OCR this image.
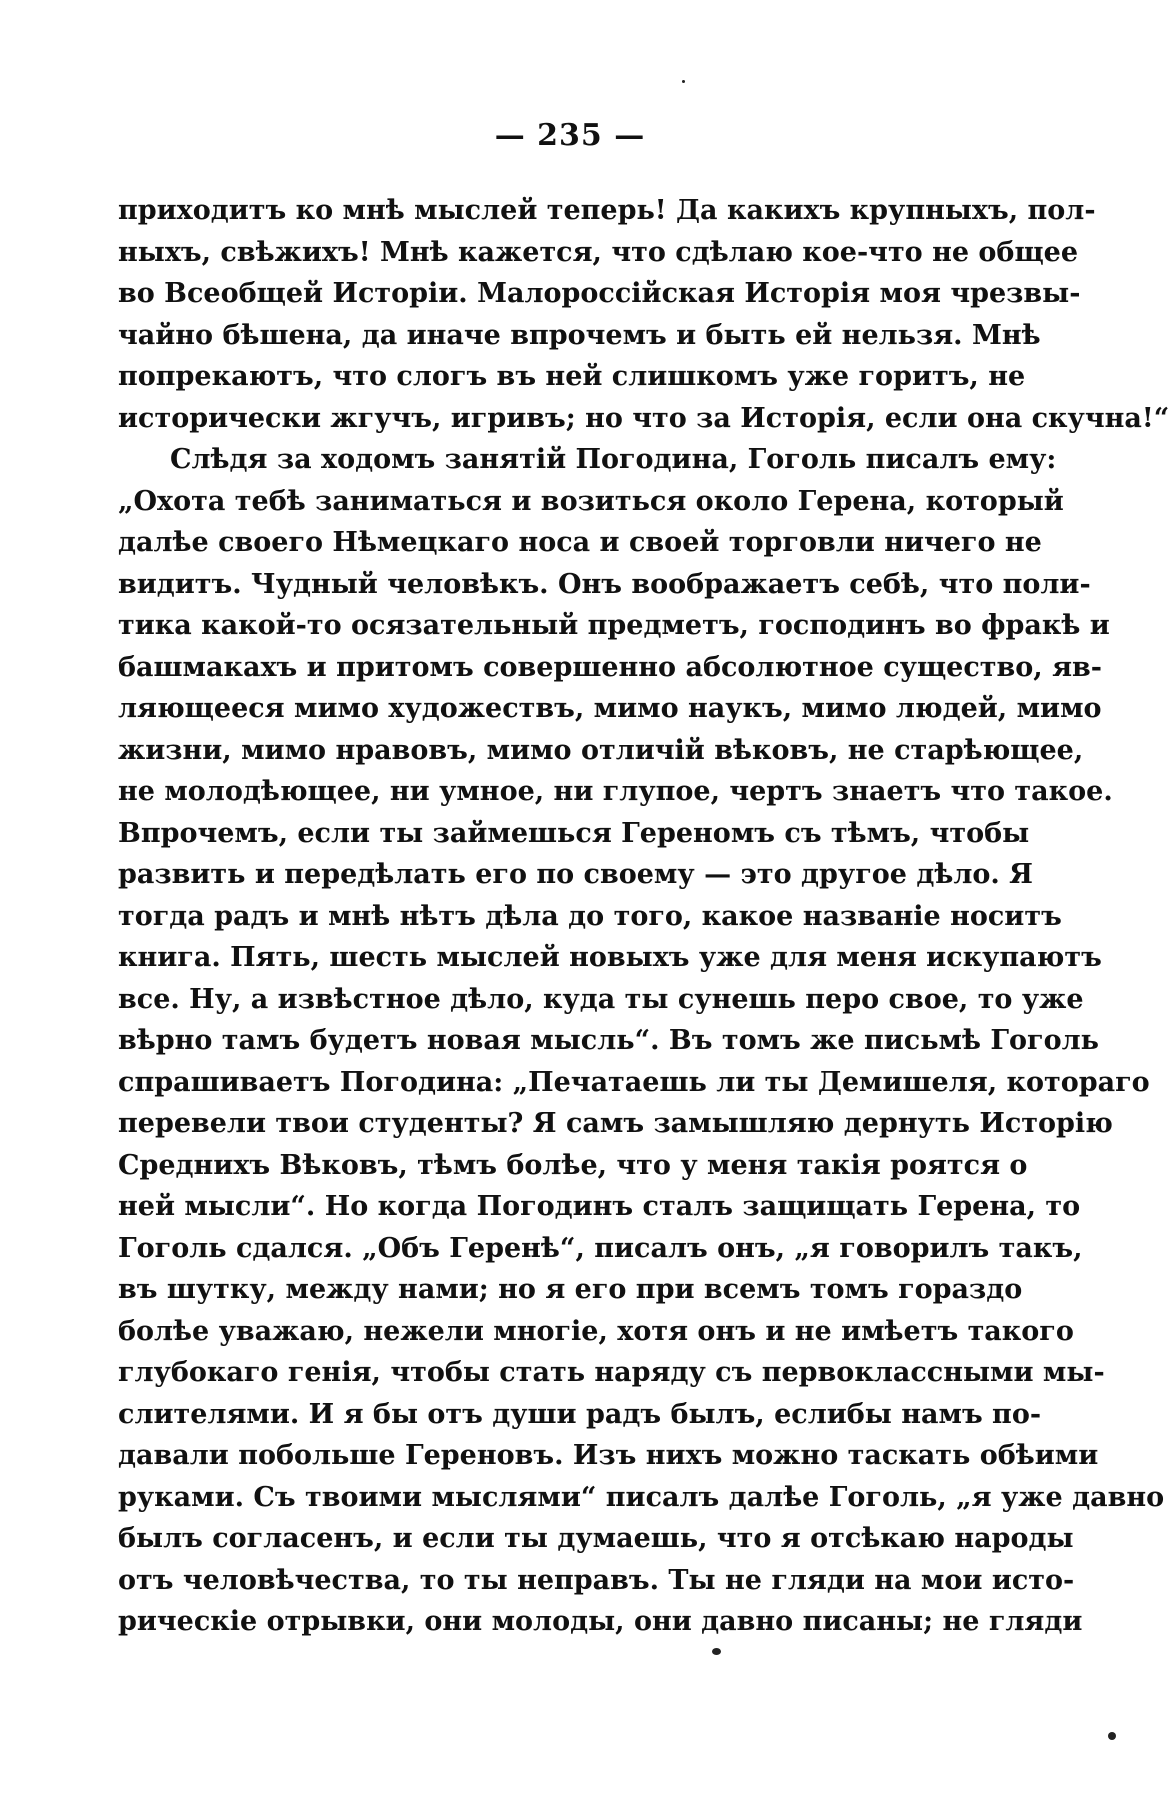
— 235 —
приходитъ ко мнѣ мыслей теперь! Да какихъ крупныхъ, пол-
ныхъ, свѣжихъ! Мнѣ кажется, что сдѣлаю кое-что не общее
во Всеобщей Исторіи. Малороссійская Исторія моя чрезвы-
чайно бѣшена, да иначе впрочемъ и быть ей нельзя. Мнѣ
попрекаютъ, что слогъ въ ней слишкомъ уже горитъ, не
исторически жгучъ, игривъ; но что за Исторія, если она скучна!“
Слѣдя за ходомъ занятій Погодина, Гоголь писалъ ему:
„Охота тебѣ заниматься и возиться около Герена, который
далѣе своего Нѣмецкаго носа и своей торговли ничего не
видитъ. Чудный человѣкъ. Онъ воображаетъ себѣ, что поли-
тика какой-то осязательный предметъ, господинъ во фракѣ и
башмакахъ и притомъ совершенно абсолютное существо, яв-
ляющееся мимо художествъ, мимо наукъ, мимо людей, мимо
жизни, мимо нравовъ, мимо отличій вѣковъ, не старѣющее,
не молодѣющее, ни умное, ни глупое, чертъ знаетъ что такое.
Впрочемъ, если ты займешься Гереномъ съ тѣмъ, чтобы
развить и передѣлать его по своему — это другое дѣло. Я
тогда радъ и мнѣ нѣтъ дѣла до того, какое названіе носитъ
книга. Пять, шесть мыслей новыхъ уже для меня искупаютъ
все. Ну, а извѣстное дѣло, куда ты сунешь перо свое, то уже
вѣрно тамъ будетъ новая мысль“. Въ томъ же письмѣ Гоголь
спрашиваетъ Погодина: „Печатаешь ли ты Демишеля, котораго
перевели твои студенты? Я самъ замышляю дернуть Исторію
Среднихъ Вѣковъ, тѣмъ болѣе, что у меня такія роятся о
ней мысли“. Но когда Погодинъ сталъ защищать Герена, то
Гоголь сдался. „Объ Геренѣ“, писалъ онъ, „я говорилъ такъ,
въ шутку, между нами; но я его при всемъ томъ гораздо
болѣе уважаю, нежели многіе, хотя онъ и не имѣетъ такого
глубокаго генія, чтобы стать наряду съ первоклассными мы-
слителями. И я бы отъ души радъ былъ, еслибы намъ по-
давали побольше Гереновъ. Изъ нихъ можно таскать обѣими
руками. Съ твоими мыслями“ писалъ далѣе Гоголь, „я уже давно
былъ согласенъ, и если ты думаешь, что я отсѣкаю народы
отъ человѣчества, то ты неправъ. Ты не гляди на мои исто-
рическіе отрывки, они молоды, они давно писаны; не гляди
